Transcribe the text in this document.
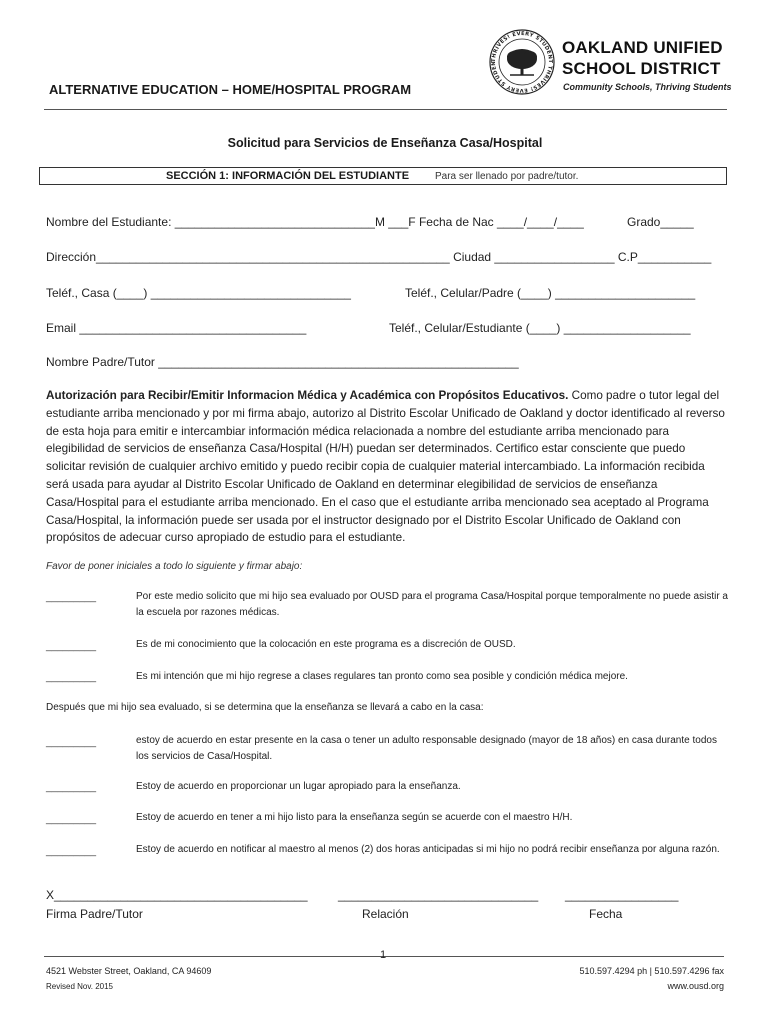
ALTERNATIVE EDUCATION – HOME/HOSPITAL PROGRAM
THRIVES! EVERY STUDENT THRIVES! EVERY STUDEN
OAKLAND UNIFIED
SCHOOL DISTRICT
Community Schools, Thriving Students
Solicitud para Servicios de Enseñanza Casa/Hospital
SECCIÓN 1: INFORMACIÓN DEL ESTUDIANTE	Para ser llenado por padre/tutor.
Nombre del Estudiante: ______________________________M ___F Fecha de Nac ____/____/____	Grado_____
Dirección_____________________________________________________ Ciudad __________________ C.P___________
Teléf., Casa (____) ______________________________	Teléf., Celular/Padre (____) _____________________
Email __________________________________	Teléf., Celular/Estudiante (____) ___________________
Nombre Padre/Tutor ______________________________________________________
Autorización para Recibir/Emitir Informacion Médica y Académica con Propósitos Educativos. Como padre o tutor legal del estudiante arriba mencionado y por mi firma abajo, autorizo al Distrito Escolar Unificado de Oakland y doctor identificado al reverso de esta hoja para emitir e intercambiar información médica relacionada a nombre del estudiante arriba mencionado para elegibilidad de servicios de enseñanza Casa/Hospital (H/H) puedan ser determinados. Certifico estar consciente que puedo solicitar revisión de cualquier archivo emitido y puedo recibir copia de cualquier material intercambiado. La información recibida será usada para ayudar al Distrito Escolar Unificado de Oakland en determinar elegibilidad de servicios de enseñanza Casa/Hospital para el estudiante arriba mencionado. En el caso que el estudiante arriba mencionado sea aceptado al Programa Casa/Hospital, la información puede ser usada por el instructor designado por el Distrito Escolar Unificado de Oakland con propósitos de adecuar curso apropiado de estudio para el estudiante.
Favor de poner iniciales a todo lo siguiente y firmar abajo:
_________	Por este medio solicito que mi hijo sea evaluado por OUSD para el programa Casa/Hospital porque temporalmente no puede asistir a la escuela por razones médicas.
_________	Es de mi conocimiento que la colocación en este programa es a discreción de OUSD.
_________	Es mi intención que mi hijo regrese a clases regulares tan pronto como sea posible y condición médica mejore.
Después que mi hijo sea evaluado, si se determina que la enseñanza se llevará a cabo en la casa:
_________	estoy de acuerdo en estar presente en la casa o tener un adulto responsable designado (mayor de 18 años) en casa durante todos los servicios de Casa/Hospital.
_________	Estoy de acuerdo en proporcionar un lugar apropiado para la enseñanza.
_________	Estoy de acuerdo en tener a mi hijo listo para la enseñanza según se acuerde con el maestro H/H.
_________	Estoy de acuerdo en notificar al maestro al menos (2) dos horas anticipadas si mi hijo no podrá recibir enseñanza por alguna razón.
X______________________________________	______________________________ _________________
Firma Padre/Tutor	Relación	Fecha
1
4521 Webster Street, Oakland, CA 94609
Revised Nov. 2015
510.597.4294 ph | 510.597.4296 fax
www.ousd.org
